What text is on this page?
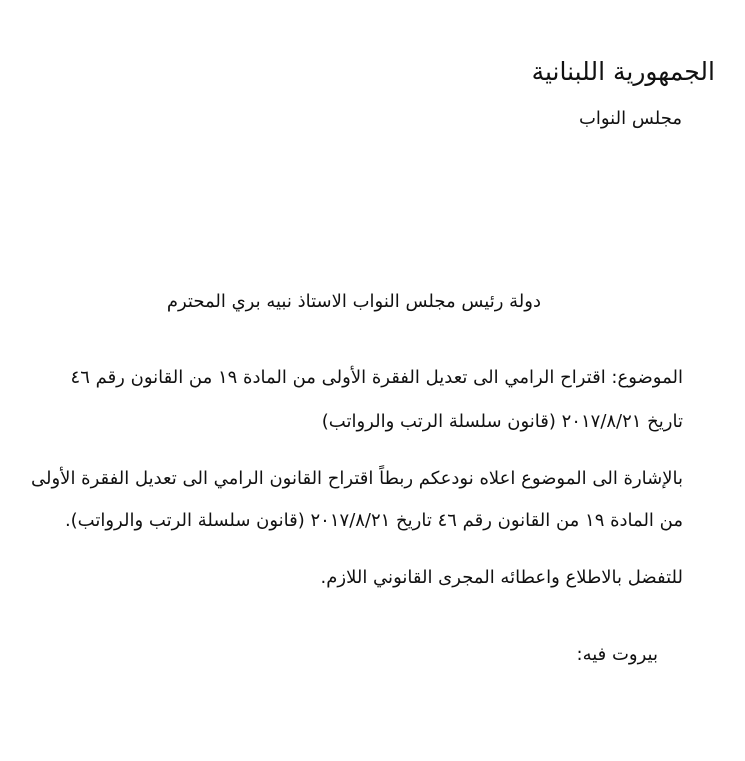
الجمهورية اللبنانية
مجلس النواب
دولة رئيس مجلس النواب الاستاذ نبيه بري المحترم
الموضوع: اقتراح الرامي الى تعديل الفقرة الأولى من المادة ١٩ من القانون رقم ٤٦
تاريخ ٢٠١٧/٨/٢١ (قانون سلسلة الرتب والرواتب)
بالإشارة الى الموضوع اعلاه نودعكم ربطاً اقتراح القانون الرامي الى تعديل الفقرة الأولى
من المادة ١٩ من القانون رقم ٤٦ تاريخ ٢٠١٧/٨/٢١ (قانون سلسلة الرتب والرواتب).
للتفضل بالاطلاع واعطائه المجرى القانوني اللازم.
بيروت فيه:
